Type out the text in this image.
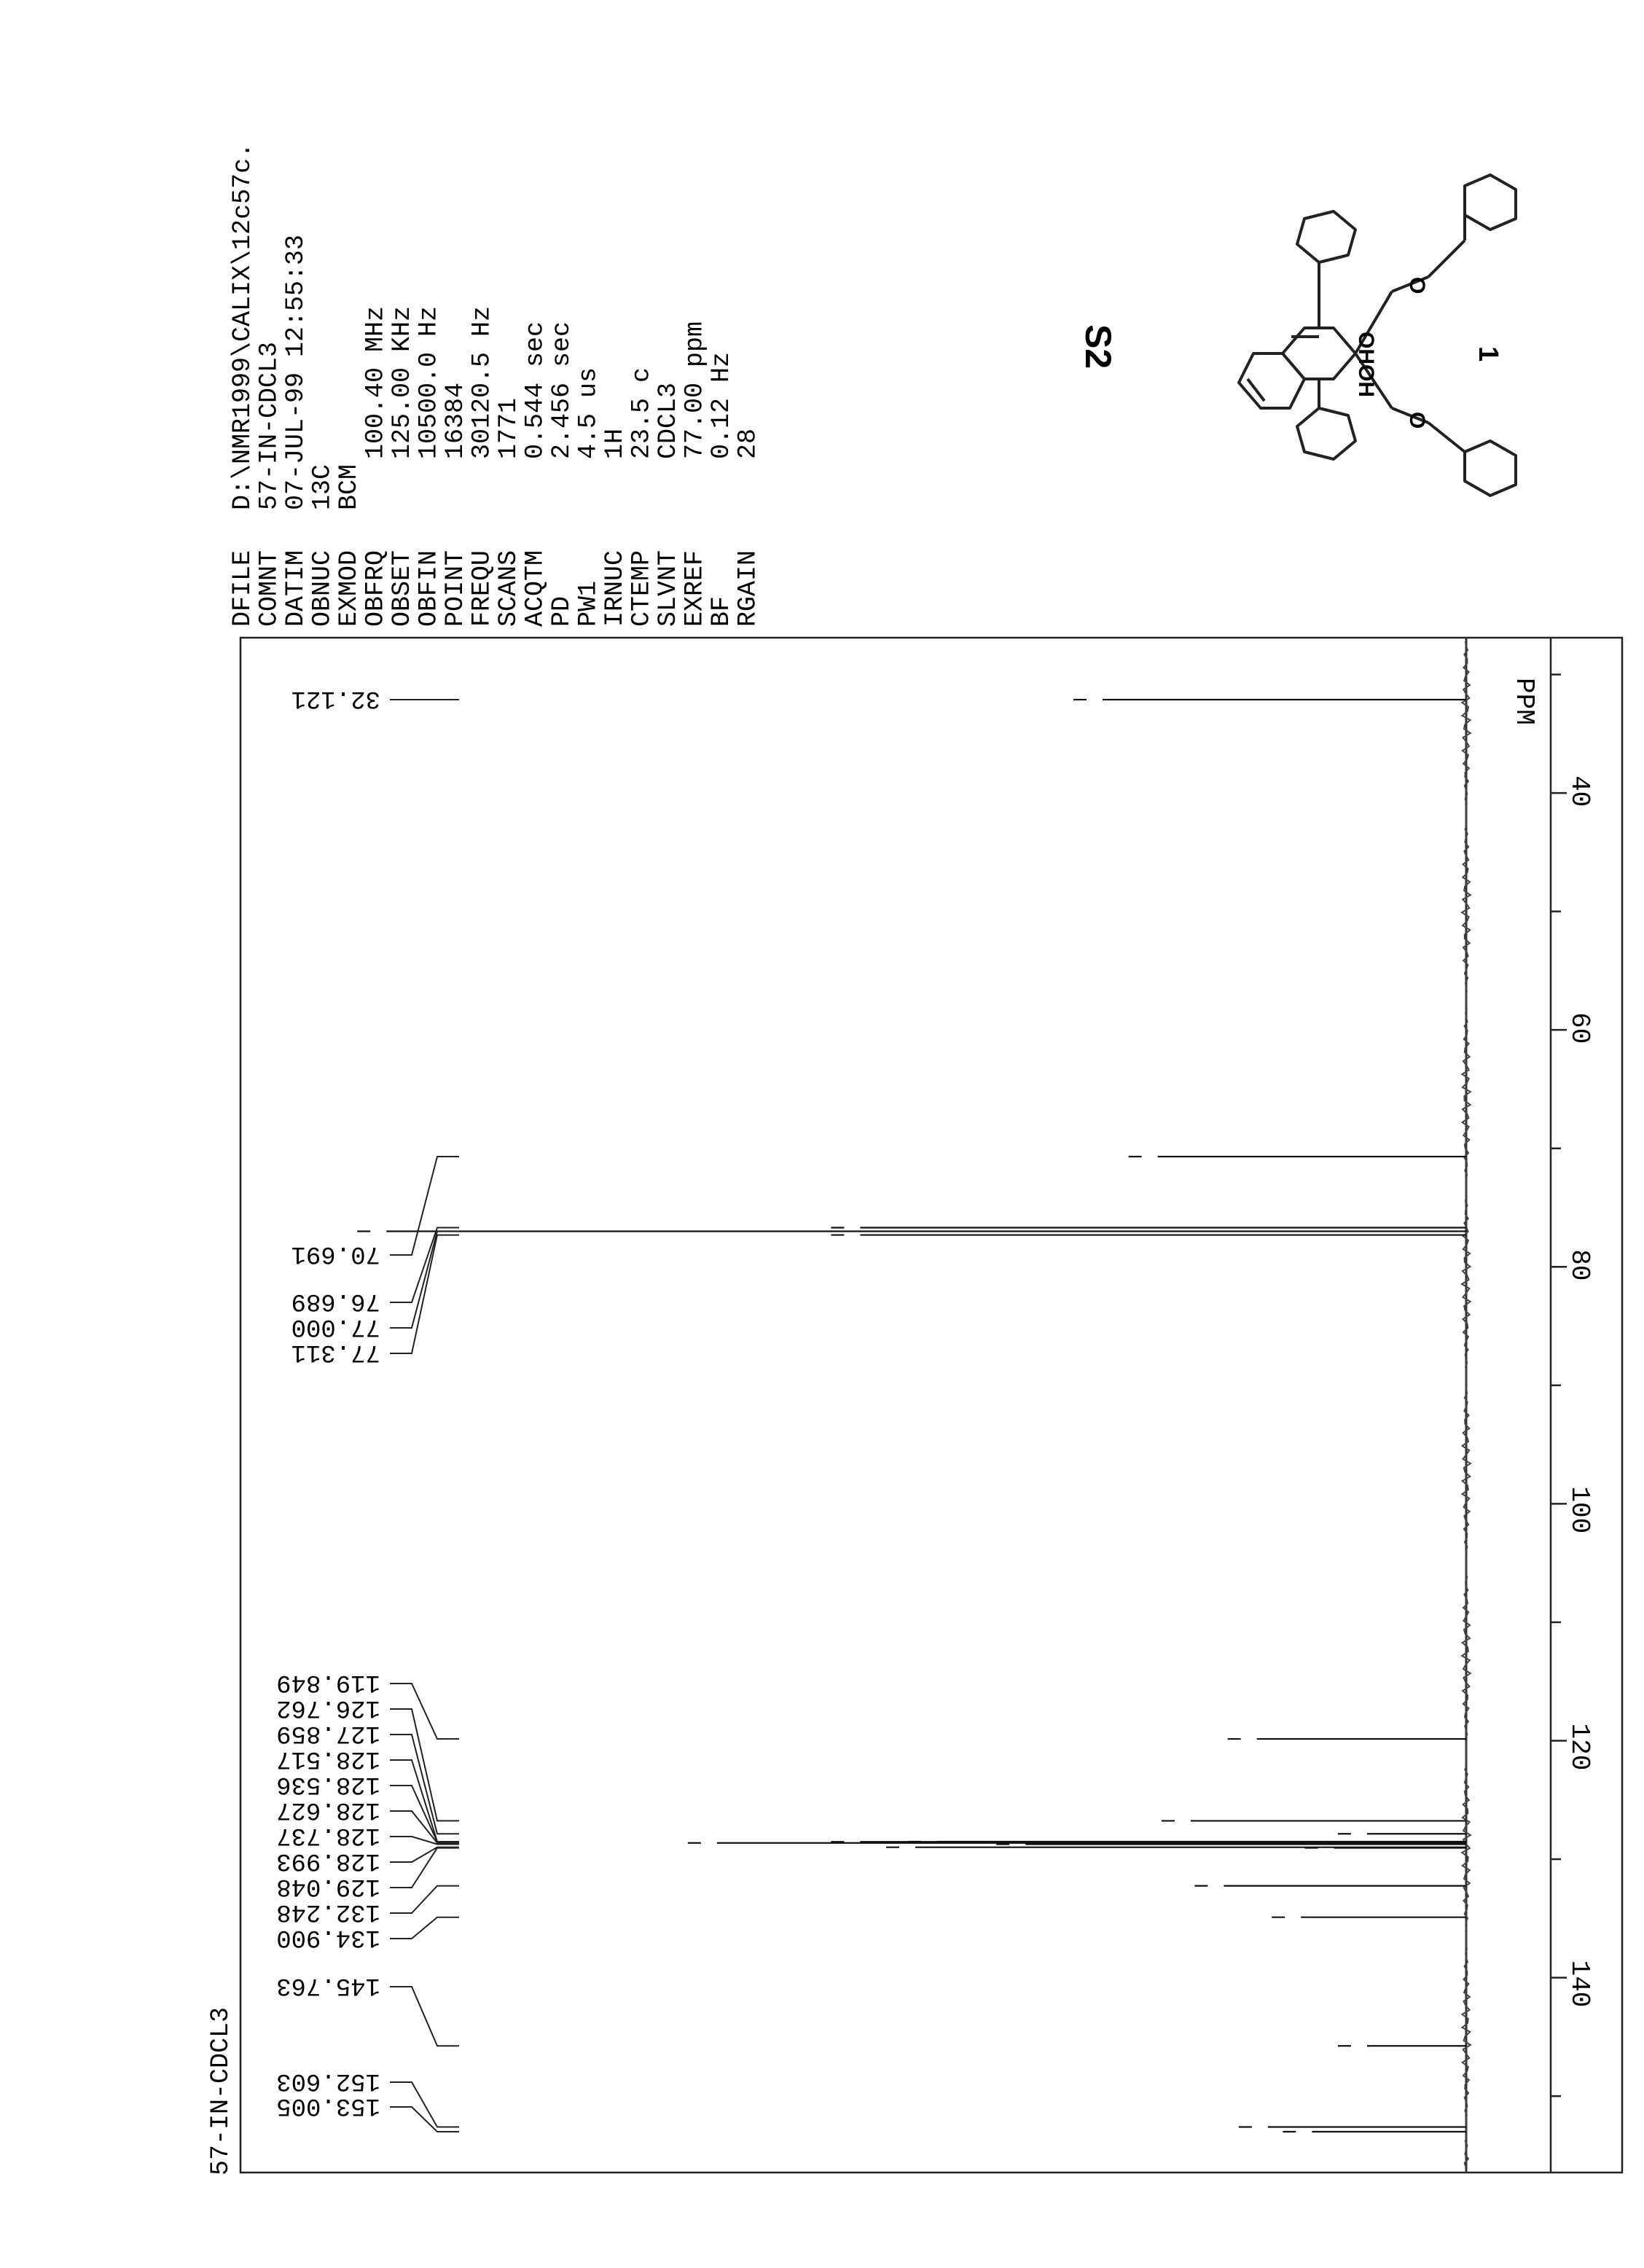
40
60
80
100
120
140
32.121
70.691
76.689
77.000
77.311
119.849
126.762
127.859
128.517
128.536
128.627
128.737
128.993
129.048
132.248
134.900
145.763
152.603
153.005
PPM
57-IN-CDCL3
DFILE
D:\NMR1999\CALIX\12c57c.
COMNT
57-IN-CDCL3
DATIM
07-JUL-99 12:55:33
OBNUC
13C
EXMOD
BCM
OBFRQ
100.40 MHz
OBSET
125.00 KHz
OBFIN
10500.0 Hz
POINT
16384
FREQU
30120.5 Hz
SCANS
1771
ACQTM
0.544 sec
PD
2.456 sec
PW1
4.5 us
IRNUC
1H
CTEMP
23.5 c
SLVNT
CDCL3
EXREF
77.00 ppm
BF
0.12 Hz
RGAIN
28
S2	OHOH
O
O
1
